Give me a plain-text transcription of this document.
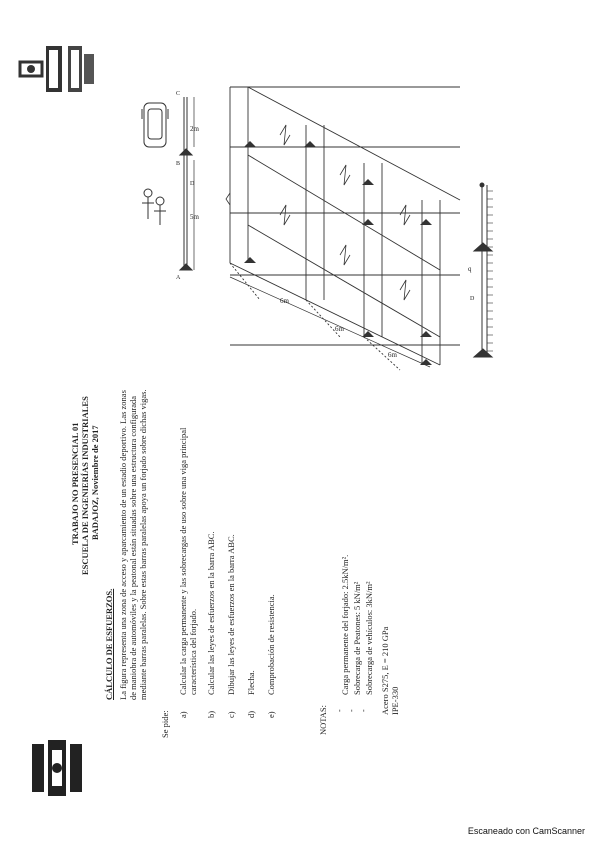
TRABAJO NO PRESENCIAL 01 ESCUELA DE INGENIERÍAS INDUSTRIALES BADAJOZ, Noviembre de 2017
CÁLCULO DE ESFUERZOS. La figura representa una zona de acceso y aparcamiento de un estadio deportivo. Las zonas de maniobra de automóviles y la peatonal están situadas sobre una estructura configurada mediante barras paralelas. Sobre estas barras paralelas apoya un forjado sobre dichas vigas.
Se pide: a)
Calcular la carga permanente y las sobrecargas de uso sobre una viga principal característica del forjado.
b)
Calcular las leyes de esfuerzos en la barra ABC.
c)
Dibujar las leyes de esfuerzos en la barra ABC.
d)
Flecha.
e)
Comprobación de resistencia.
NOTAS:
Carga permanente del forjado: 2.5kN/m². Sobrecarga de Peatones: 5 kN/m² Sobrecarga de vehículos: 3kN/m²
- - - Acero S275, E = 210 GPa IPE-330
2m
5m
6m
6m
6m
q
A
B
C
D
D
Escaneado con CamScanner
